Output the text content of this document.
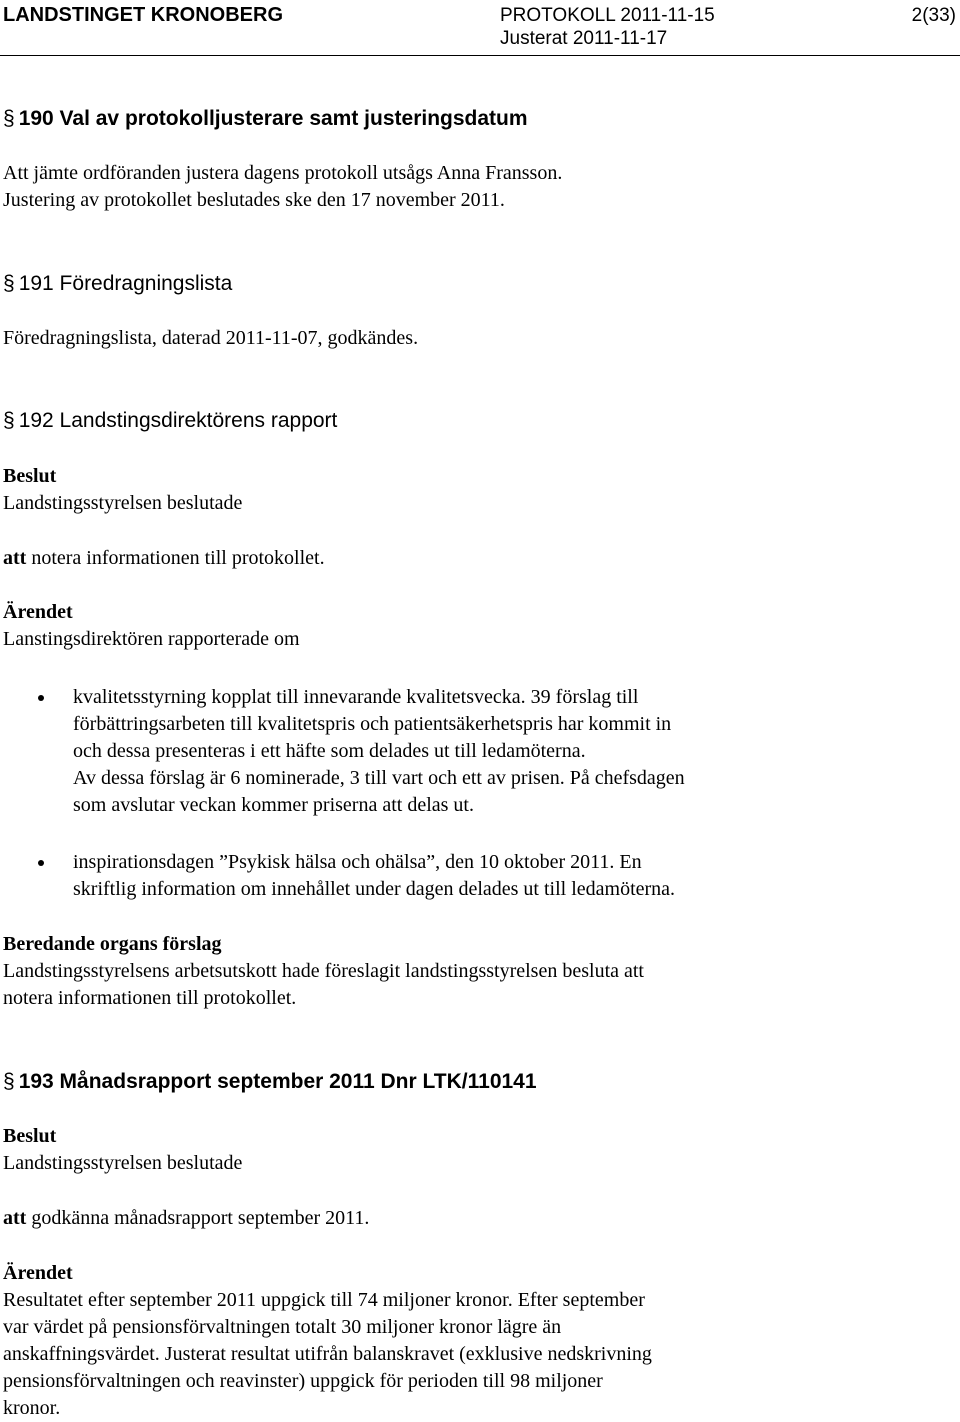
LANDSTINGET KRONOBERG	PROTOKOLL 2011-11-15
Justerat 2011-11-17
2(33)
§ 190 Val av protokolljusterare samt justeringsdatum

Att jämte ordföranden justera dagens protokoll utsågs Anna Fransson.

Justering av protokollet beslutades ske den 17 november 2011.

§ 191 Föredragningslista
Föredragningslista, daterad 2011-11-07, godkändes.
§ 192 Landstingsdirektörens rapport

Beslut

Landstingsstyrelsen beslutade

att notera informationen till protokollet.

Ärendet

Lanstingsdirektören rapporterade om

kvalitetsstyrning kopplat till innevarande kvalitetsvecka. 39 förslag till
förbättringsarbeten till kvalitetspris och patientsäkerhetspris har kommit in
och dessa presenteras i ett häfte som delades ut till ledamöterna.
Av dessa förslag är 6 nominerade, 3 till vart och ett av prisen. På chefsdagen
som avslutar veckan kommer priserna att delas ut.
inspirationsdagen ”Psykisk hälsa och ohälsa”, den 10 oktober 2011. En
skriftlig information om innehållet under dagen delades ut till ledamöterna.

Beredande organs förslag

Landstingsstyrelsens arbetsutskott hade föreslagit landstingsstyrelsen besluta att

notera informationen till protokollet.

§ 193 Månadsrapport september 2011 Dnr LTK/110141

Beslut

Landstingsstyrelsen beslutade

att godkänna månadsrapport september 2011.

Ärendet

Resultatet efter september 2011 uppgick till 74 miljoner kronor. Efter september

var värdet på pensionsförvaltningen totalt 30 miljoner kronor lägre än

anskaffningsvärdet. Justerat resultat utifrån balanskravet (exklusive nedskrivning

pensionsförvaltningen och reavinster) uppgick för perioden till 98 miljoner

kronor.
